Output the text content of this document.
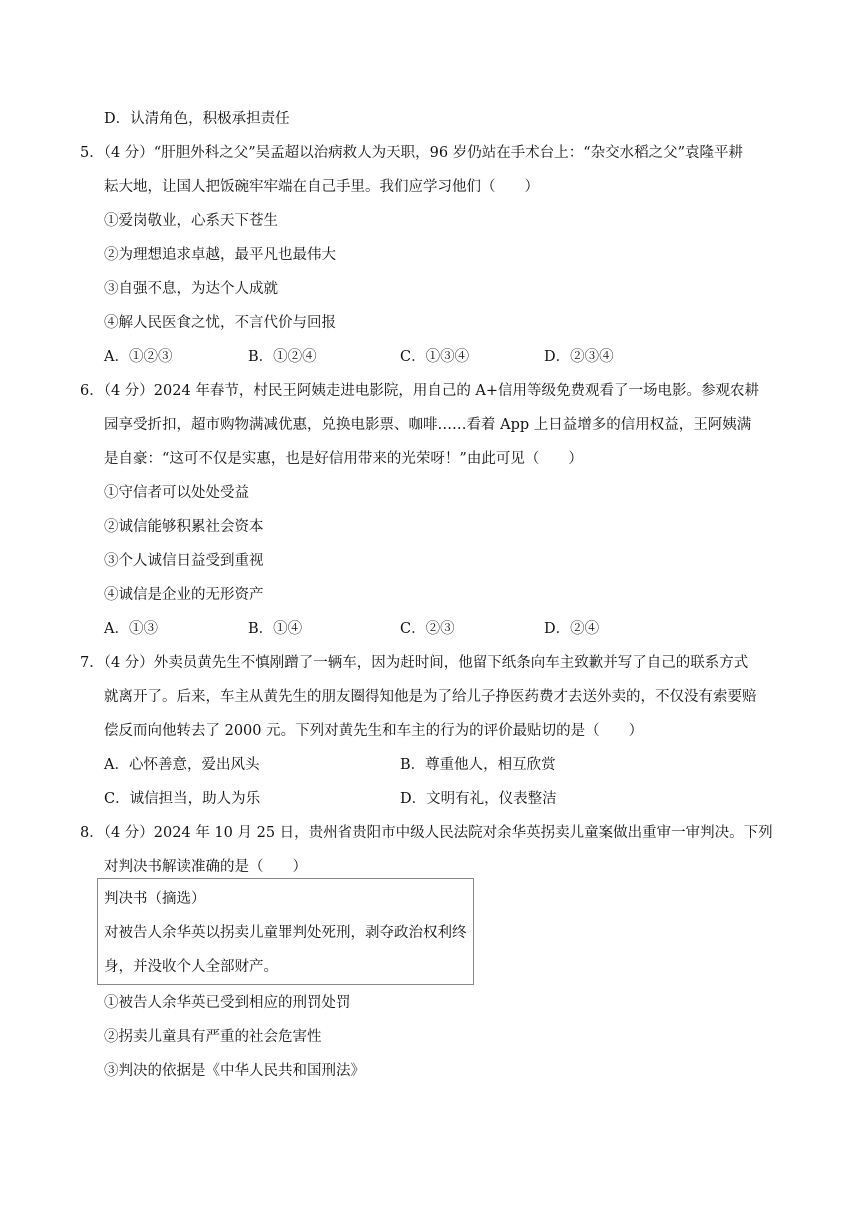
D．认清角色，积极承担责任
5．（4 分）“肝胆外科之父”吴孟超以治病救人为天职，96 岁仍站在手术台上：“杂交水稻之父”袁隆平耕
耘大地，让国人把饭碗牢牢端在自己手里。我们应学习他们（　　）
①爱岗敬业，心系天下苍生
②为理想追求卓越，最平凡也最伟大
③自强不息，为达个人成就
④解人民医食之忧，不言代价与回报
A．①②③	B．①②④	C．①③④	D．②③④
6．（4 分）2024 年春节，村民王阿姨走进电影院，用自己的 A+信用等级免费观看了一场电影。参观农耕
园享受折扣，超市购物满减优惠，兑换电影票、咖啡……看着 App 上日益增多的信用权益，王阿姨满
是自豪：“这可不仅是实惠，也是好信用带来的光荣呀！”由此可见（　　）
①守信者可以处处受益
②诚信能够积累社会资本
③个人诚信日益受到重视
④诚信是企业的无形资产
A．①③	B．①④	C．②③	D．②④
7．（4 分）外卖员黄先生不慎剐蹭了一辆车，因为赶时间，他留下纸条向车主致歉并写了自己的联系方式
就离开了。后来，车主从黄先生的朋友圈得知他是为了给儿子挣医药费才去送外卖的，不仅没有索要赔
偿反而向他转去了 2000 元。下列对黄先生和车主的行为的评价最贴切的是（　　）
A．心怀善意，爱出风头	B．尊重他人，相互欣赏
C．诚信担当，助人为乐	D．文明有礼，仪表整洁
8．（4 分）2024 年 10 月 25 日，贵州省贵阳市中级人民法院对余华英拐卖儿童案做出重审一审判决。下列
对判决书解读准确的是（　　）
判决书（摘选）
对被告人余华英以拐卖儿童罪判处死刑，剥夺政治权利终
身，并没收个人全部财产。
①被告人余华英已受到相应的刑罚处罚
②拐卖儿童具有严重的社会危害性
③判决的依据是《中华人民共和国刑法》
